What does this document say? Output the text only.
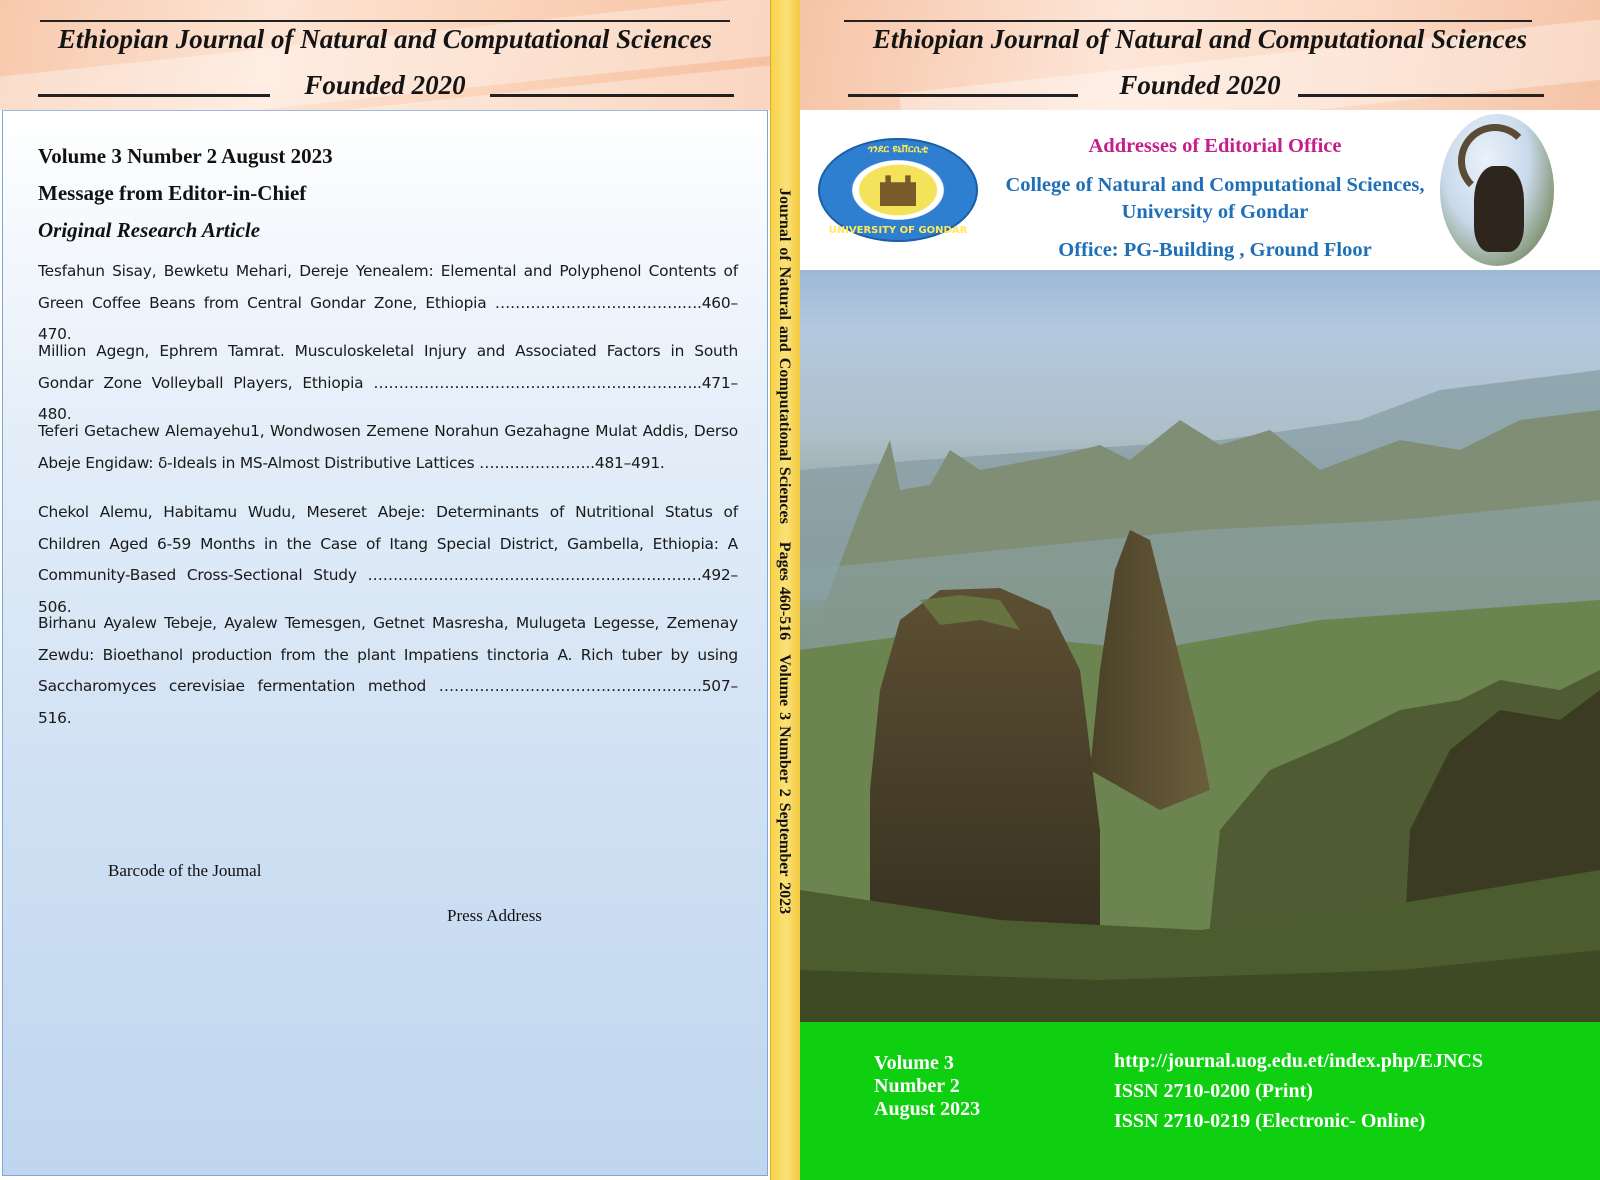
Ethiopian Journal of Natural and Computational Sciences
Founded 2020
Volume 3 Number 2 August 2023
Message from Editor-in-Chief
Original Research Article
Tesfahun Sisay, Bewketu Mehari, Dereje Yenealem: Elemental and Polyphenol Contents of Green Coffee Beans from Central Gondar Zone, Ethiopia ……………………………….….460–470.
Million Agegn, Ephrem Tamrat. Musculoskeletal Injury and Associated Factors in South Gondar Zone Volleyball Players, Ethiopia ………………………………………………………..471–480.
Teferi Getachew Alemayehu1, Wondwosen Zemene Norahun Gezahagne Mulat Addis, Derso Abeje Engidaw: δ-Ideals in MS-Almost Distributive Lattices …………………..481–491.
Chekol Alemu, Habitamu Wudu, Meseret Abeje: Determinants of Nutritional Status of Children Aged 6-59 Months in the Case of Itang Special District, Gambella, Ethiopia: A Community-Based Cross-Sectional Study …………………………………………………………492–506.
Birhanu Ayalew Tebeje, Ayalew Temesgen, Getnet Masresha, Mulugeta Legesse, Zemenay Zewdu: Bioethanol production from the plant Impatiens tinctoria A. Rich tuber by using Saccharomyces cerevisiae fermentation method …………………………………………….507–516.
Barcode of the Joumal
Press Address
Journal of Natural and Computational SciencesPages 460-516Volume 3 Number 2 September 2023
Ethiopian Journal of Natural and Computational Sciences
Founded 2020
ጎንደር ዩኒቨርሲቲ
UNIVERSITY OF GONDAR
Addresses of Editorial Office
College of Natural and Computational Sciences,
University of Gondar
Office: PG-Building , Ground Floor
Volume 3
Number 2
August 2023
http://journal.uog.edu.et/index.php/EJNCS
ISSN 2710-0200 (Print)
ISSN 2710-0219 (Electronic- Online)
